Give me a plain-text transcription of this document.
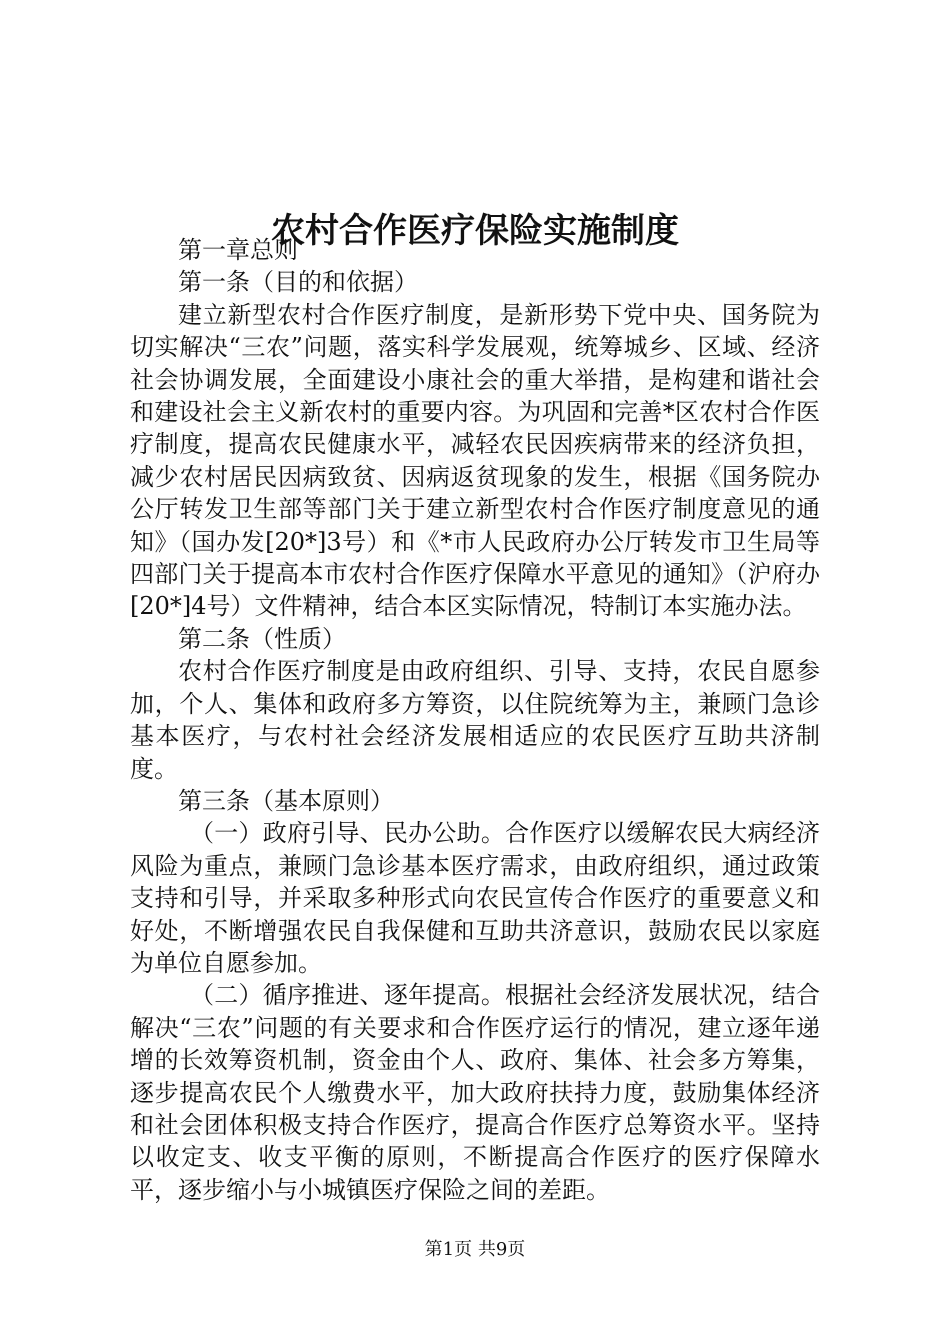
农村合作医疗保险实施制度

第一章总则

第一条（目的和依据）

建立新型农村合作医疗制度，是新形势下党中央、国务院为切实解决“三农”问题，落实科学发展观，统筹城乡、区域、经济社会协调发展，全面建设小康社会的重大举措，是构建和谐社会和建设社会主义新农村的重要内容。为巩固和完善*区农村合作医疗制度，提高农民健康水平，减轻农民因疾病带来的经济负担，减少农村居民因病致贫、因病返贫现象的发生，根据《国务院办公厅转发卫生部等部门关于建立新型农村合作医疗制度意见的通知》（国办发[20*]3号）和《*市人民政府办公厅转发市卫生局等四部门关于提高本市农村合作医疗保障水平意见的通知》（沪府办[20*]4号）文件精神，结合本区实际情况，特制订本实施办法。

第二条（性质）

农村合作医疗制度是由政府组织、引导、支持，农民自愿参加，个人、集体和政府多方筹资，以住院统筹为主，兼顾门急诊基本医疗，与农村社会经济发展相适应的农民医疗互助共济制度。

第三条（基本原则）

（一）政府引导、民办公助。合作医疗以缓解农民大病经济风险为重点，兼顾门急诊基本医疗需求，由政府组织，通过政策支持和引导，并采取多种形式向农民宣传合作医疗的重要意义和好处，不断增强农民自我保健和互助共济意识，鼓励农民以家庭为单位自愿参加。

（二）循序推进、逐年提高。根据社会经济发展状况，结合解决“三农”问题的有关要求和合作医疗运行的情况，建立逐年递增的长效筹资机制，资金由个人、政府、集体、社会多方筹集，逐步提高农民个人缴费水平，加大政府扶持力度，鼓励集体经济和社会团体积极支持合作医疗，提高合作医疗总筹资水平。坚持以收定支、收支平衡的原则，不断提高合作医疗的医疗保障水平，逐步缩小与小城镇医疗保险之间的差距。

第1页 共9页
